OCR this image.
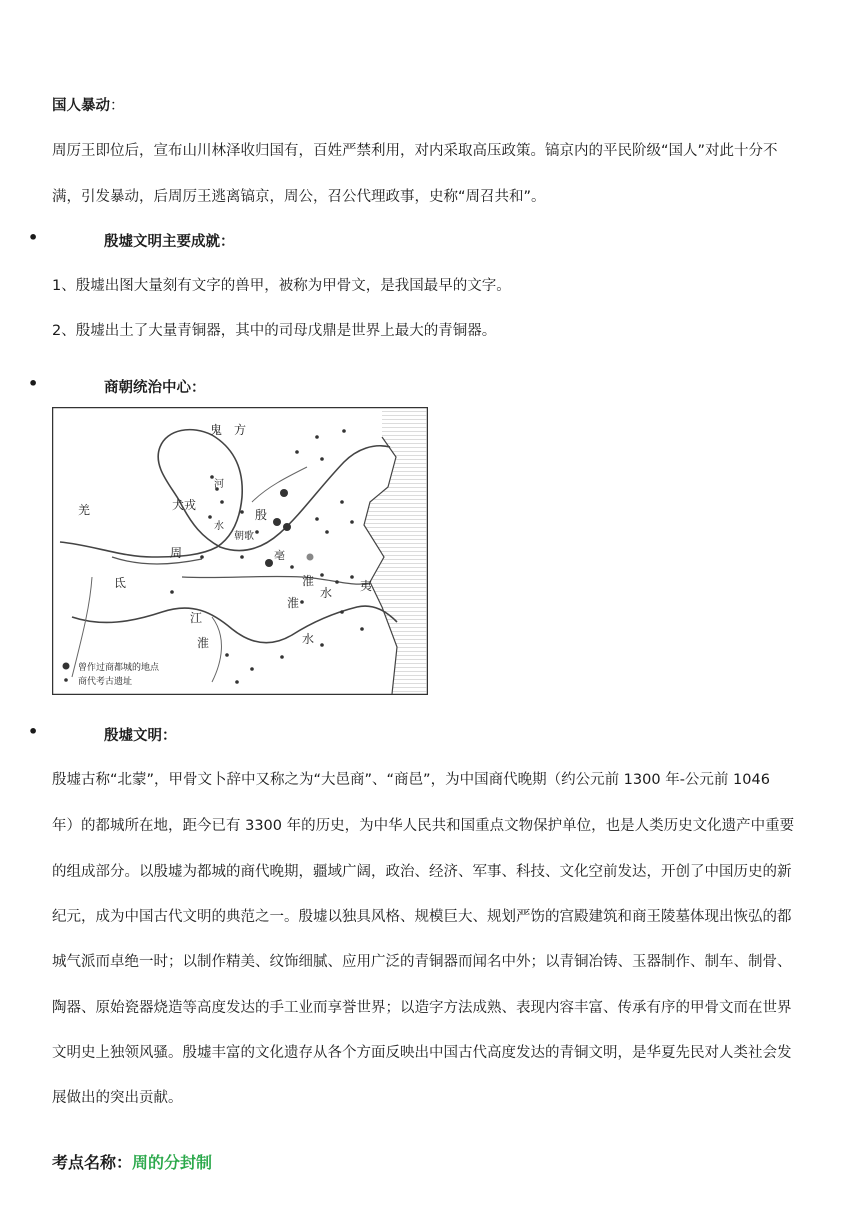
国人暴动：
周厉王即位后，宣布山川林泽收归国有，百姓严禁利用，对内采取高压政策。镐京内的平民阶级“国人”对此十分不
满，引发暴动，后周厉王逃离镐京，周公，召公代理政事，史称“周召共和”。
•	殷墟文明主要成就：
1、殷墟出图大量刻有文字的兽甲，被称为甲骨文，是我国最早的文字。
2、殷墟出土了大量青铜器，其中的司母戊鼎是世界上最大的青铜器。
•	商朝统治中心：
鬼 方
羌
氐
犬戎
河
水
殷
朝歌
亳
周
夷
淮
水
淮
江
淮	水
曾作过商都城的地点
商代考古遗址
•	殷墟文明：
殷墟古称“北蒙”，甲骨文卜辞中又称之为“大邑商”、“商邑”，为中国商代晚期（约公元前 1300 年-公元前 1046
年）的都城所在地，距今已有 3300 年的历史，为中华人民共和国重点文物保护单位，也是人类历史文化遗产中重要
的组成部分。以殷墟为都城的商代晚期，疆域广阔，政治、经济、军事、科技、文化空前发达，开创了中国历史的新
纪元，成为中国古代文明的典范之一。殷墟以独具风格、规模巨大、规划严饬的宫殿建筑和商王陵墓体现出恢弘的都
城气派而卓绝一时；以制作精美、纹饰细腻、应用广泛的青铜器而闻名中外；以青铜冶铸、玉器制作、制车、制骨、
陶器、原始瓷器烧造等高度发达的手工业而享誉世界；以造字方法成熟、表现内容丰富、传承有序的甲骨文而在世界
文明史上独领风骚。殷墟丰富的文化遗存从各个方面反映出中国古代高度发达的青铜文明，是华夏先民对人类社会发
展做出的突出贡献。
考点名称：周的分封制
